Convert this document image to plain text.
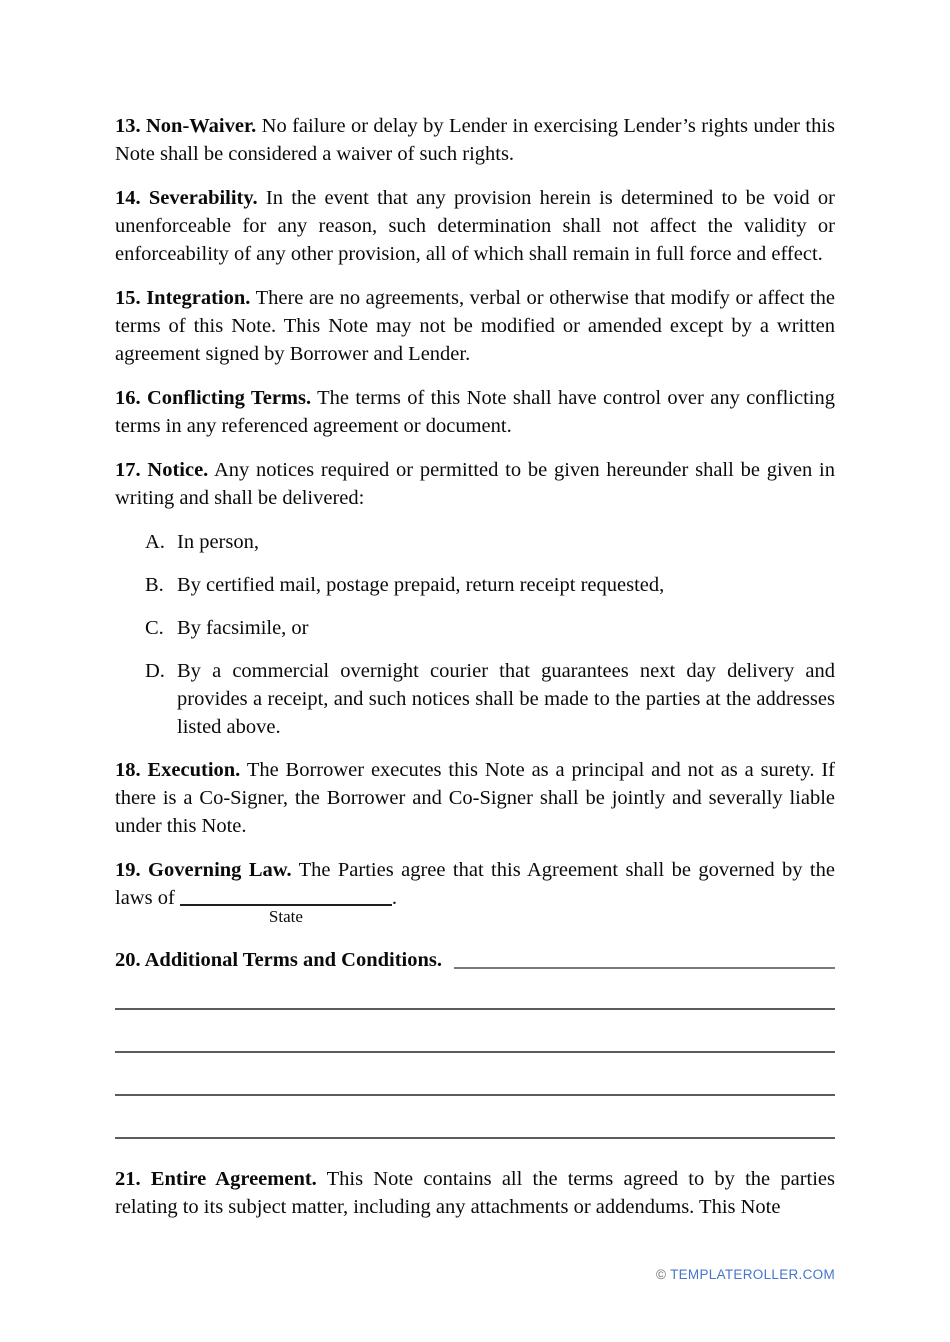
13. Non-Waiver. No failure or delay by Lender in exercising Lender’s rights under this Note shall be considered a waiver of such rights.

14. Severability. In the event that any provision herein is determined to be void or unenforceable for any reason, such determination shall not affect the validity or enforceability of any other provision, all of which shall remain in full force and effect.

15. Integration. There are no agreements, verbal or otherwise that modify or affect the terms of this Note. This Note may not be modified or amended except by a written agreement signed by Borrower and Lender.

16. Conflicting Terms. The terms of this Note shall have control over any conflicting terms in any referenced agreement or document.

17. Notice. Any notices required or permitted to be given hereunder shall be given in writing and shall be delivered:

A. In person,
B. By certified mail, postage prepaid, return receipt requested,
C. By facsimile, or
D. By a commercial overnight courier that guarantees next day delivery and provides a receipt, and such notices shall be made to the parties at the addresses listed above.

18. Execution. The Borrower executes this Note as a principal and not as a surety. If there is a Co-Signer, the Borrower and Co-Signer shall be jointly and severally liable under this Note.

19. Governing Law. The Parties agree that this Agreement shall be governed by the laws of
State
.

20. Additional Terms and Conditions.

21. Entire Agreement. This Note contains all the terms agreed to by the parties relating to its subject matter, including any attachments or addendums. This Note

© TEMPLATEROLLER.COM
